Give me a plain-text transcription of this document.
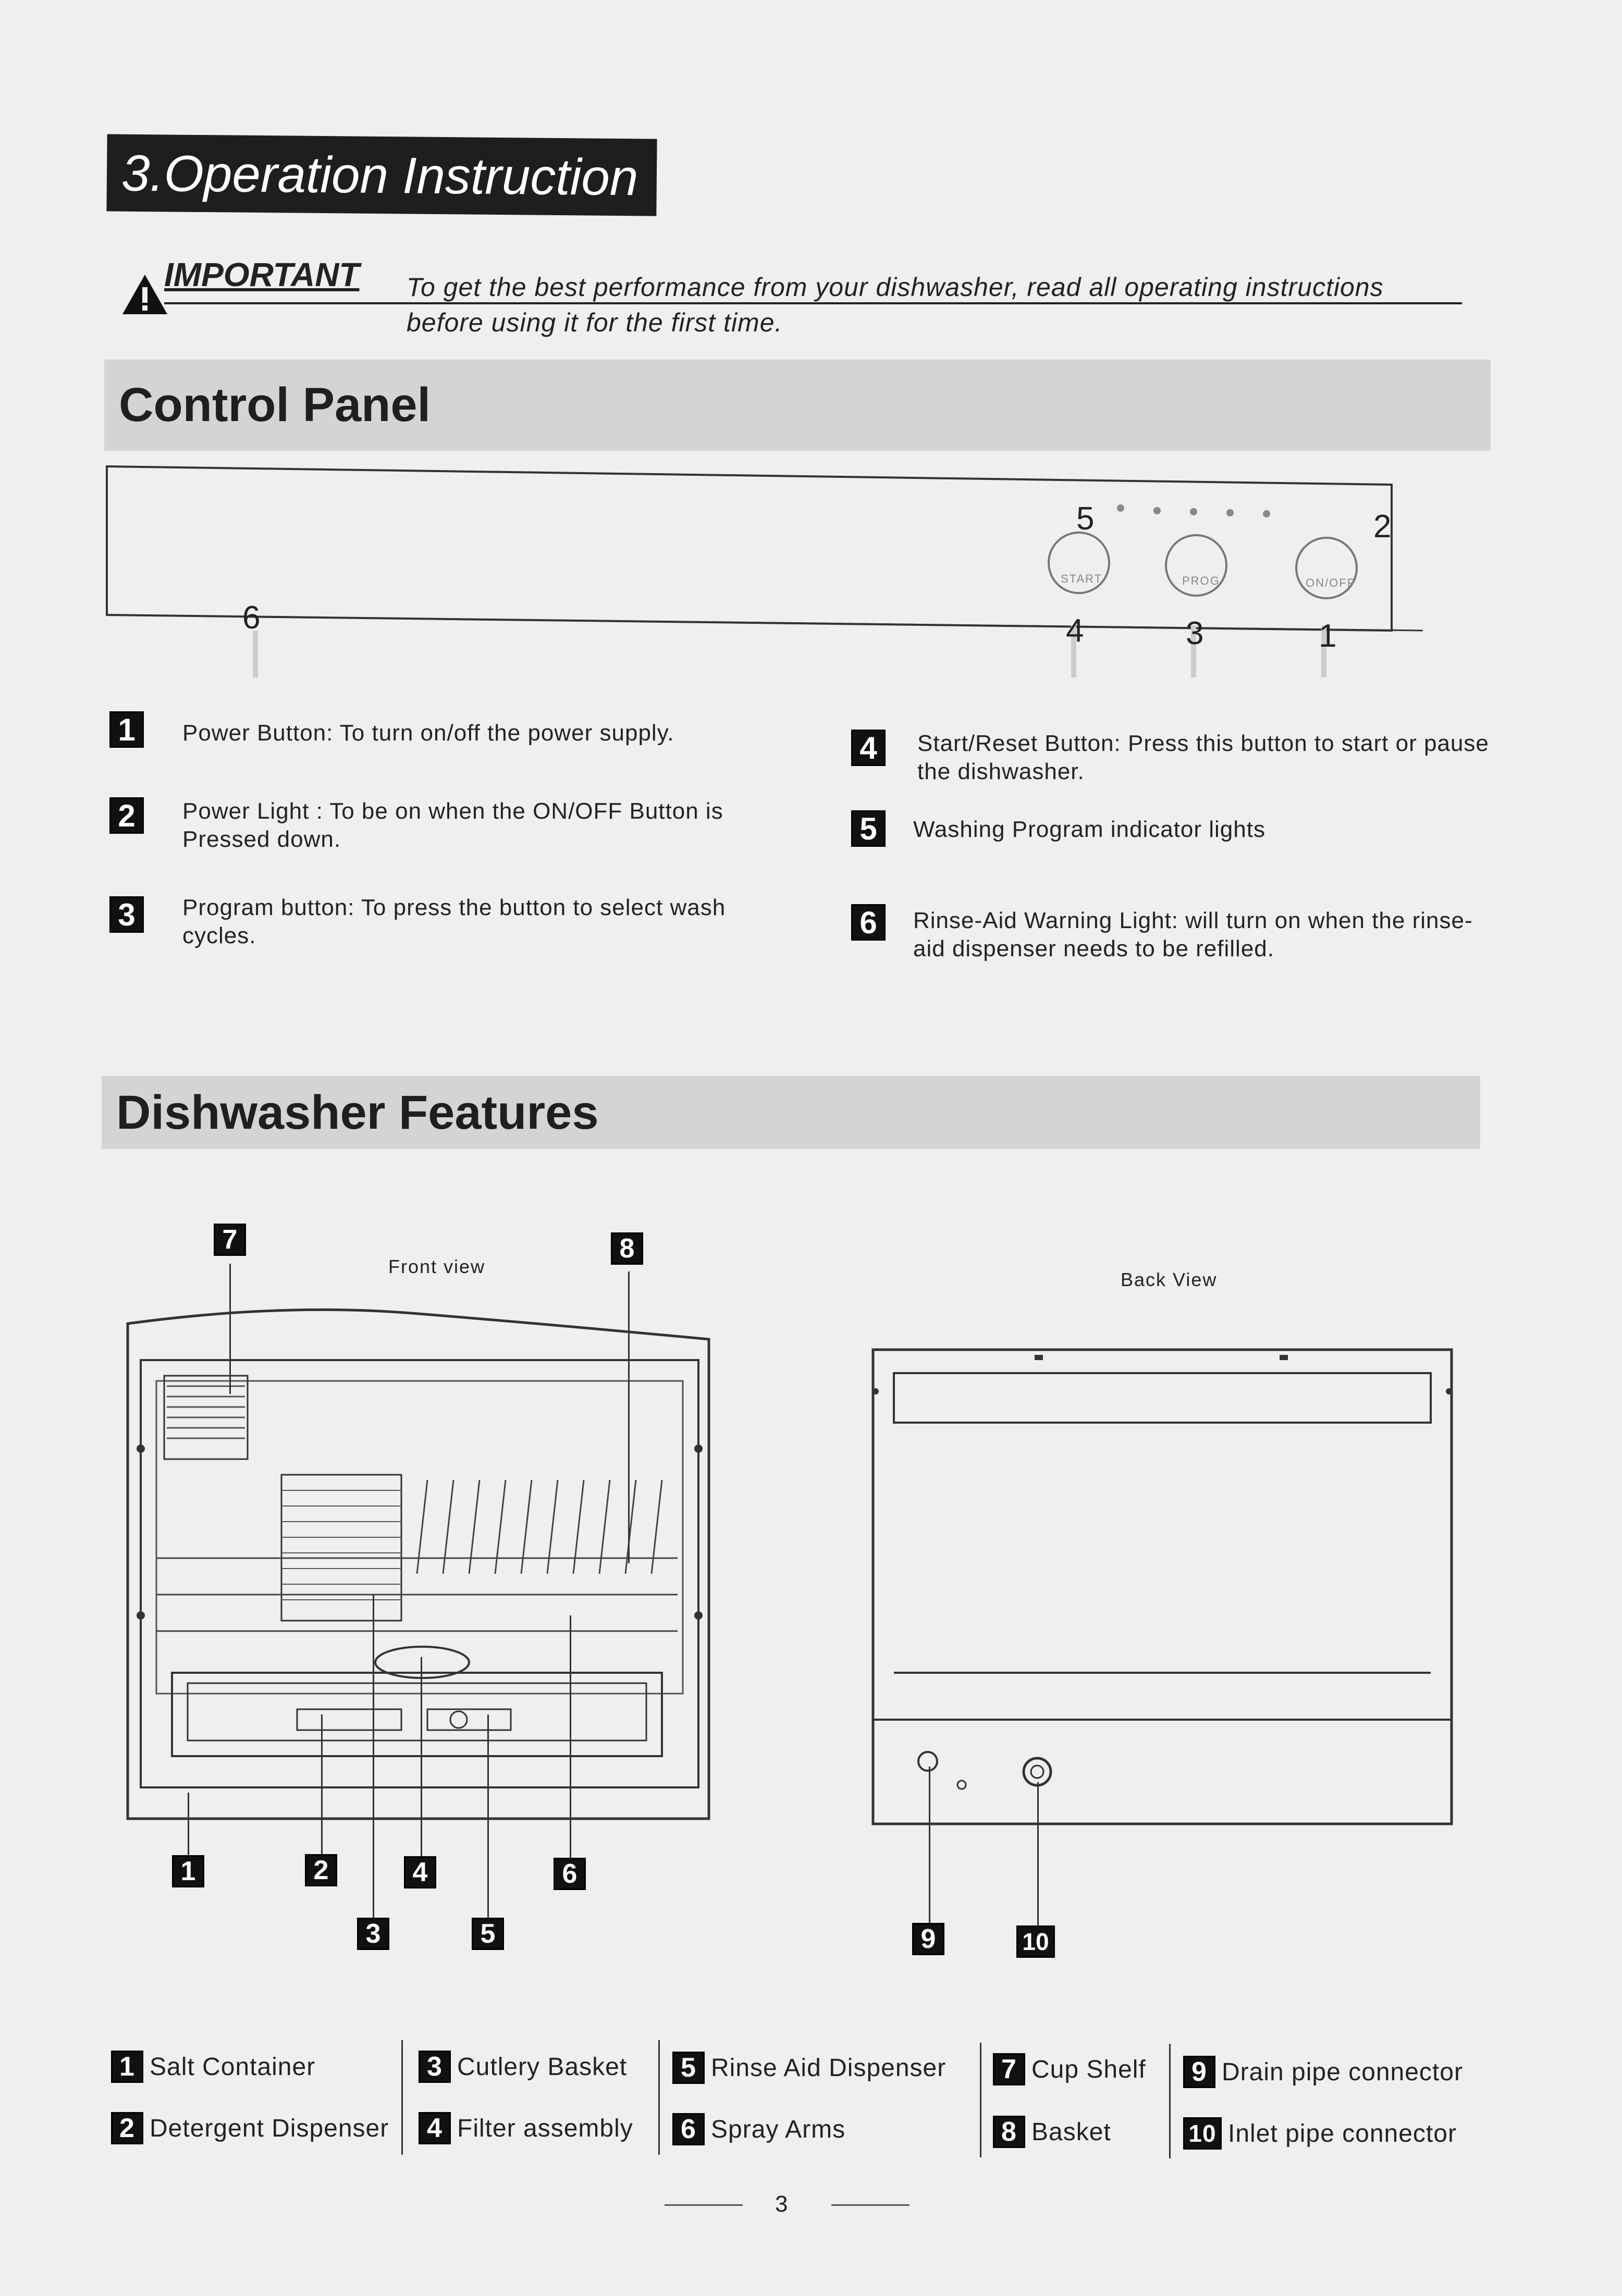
3.Operation Instruction
IMPORTANT To get the best performance from your dishwasher, read all operating instructions
before using it for the first time.
Control Panel
START	PROG	ON/OFF
1
2
3
4
5
6
1	Power Button: To turn on/off the power supply.
2	Power Light : To be on when the ON/OFF Button is Pressed down.
3	Program button: To press the button to select wash cycles.
4	Start/Reset Button: Press this button to start or pause the dishwasher.
5	Washing Program indicator lights
6	Rinse-Aid Warning Light: will turn on when the rinse-aid dispenser needs to be refilled.
Dishwasher Features
Front view
Back View
7	8
1	2	4	6
3	5	9	10
1 Salt Container
2 Detergent Dispenser
3 Cutlery Basket
4 Filter assembly
5 Rinse Aid Dispenser
6 Spray Arms
7 Cup Shelf
8 Basket
9 Drain pipe connector
10 Inlet pipe connector
3
